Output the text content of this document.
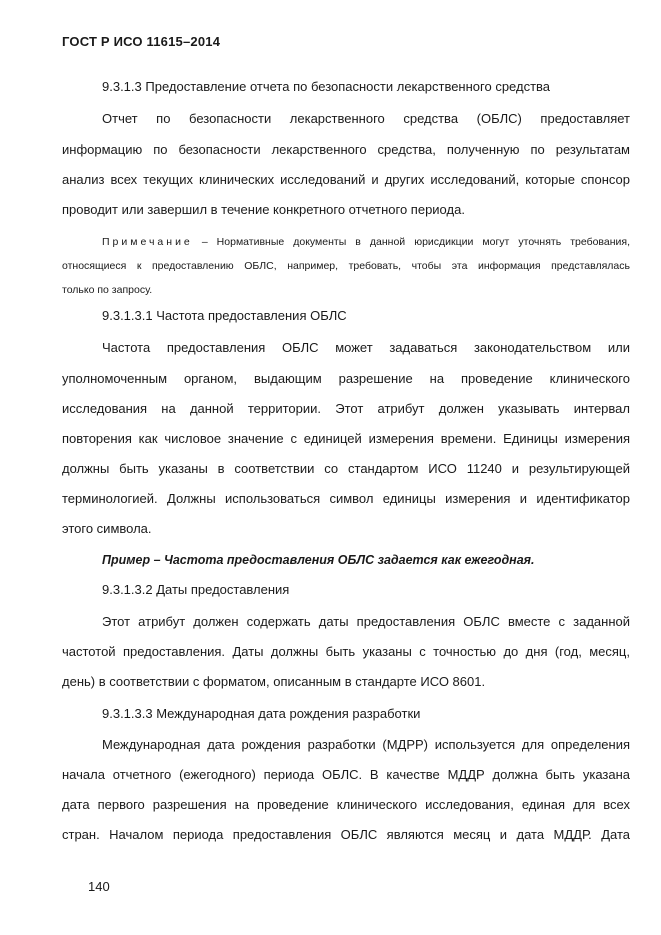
ГОСТ Р ИСО 11615–2014
9.3.1.3 Предоставление отчета по безопасности лекарственного средства
Отчет по безопасности лекарственного средства (ОБЛС) предоставляет
информацию по безопасности лекарственного средства, полученную по результатам
анализ всех текущих клинических исследований и других исследований, которые спонсор
проводит или завершил в течение конкретного отчетного периода.
Примечание – Нормативные документы в данной юрисдикции могут уточнять требования,
относящиеся к предоставлению ОБЛС, например, требовать, чтобы эта информация представлялась
только по запросу.
9.3.1.3.1 Частота предоставления ОБЛС
Частота предоставления ОБЛС может задаваться законодательством или
уполномоченным органом, выдающим разрешение на проведение клинического
исследования на данной территории. Этот атрибут должен указывать интервал
повторения как числовое значение с единицей измерения времени. Единицы измерения
должны быть указаны в соответствии со стандартом ИСО 11240 и результирующей
терминологией. Должны использоваться символ единицы измерения и идентификатор
этого символа.
Пример – Частота предоставления ОБЛС задается как ежегодная.
9.3.1.3.2 Даты предоставления
Этот атрибут должен содержать даты предоставления ОБЛС вместе с заданной
частотой предоставления. Даты должны быть указаны с точностью до дня (год, месяц,
день) в соответствии с форматом, описанным в стандарте ИСО 8601.
9.3.1.3.3 Международная дата рождения разработки
Международная дата рождения разработки (МДРР) используется для определения
начала отчетного (ежегодного) периода ОБЛС. В качестве МДДР должна быть указана
дата первого разрешения на проведение клинического исследования, единая для всех
стран. Началом периода предоставления ОБЛС являются месяц и дата МДДР. Дата
140
